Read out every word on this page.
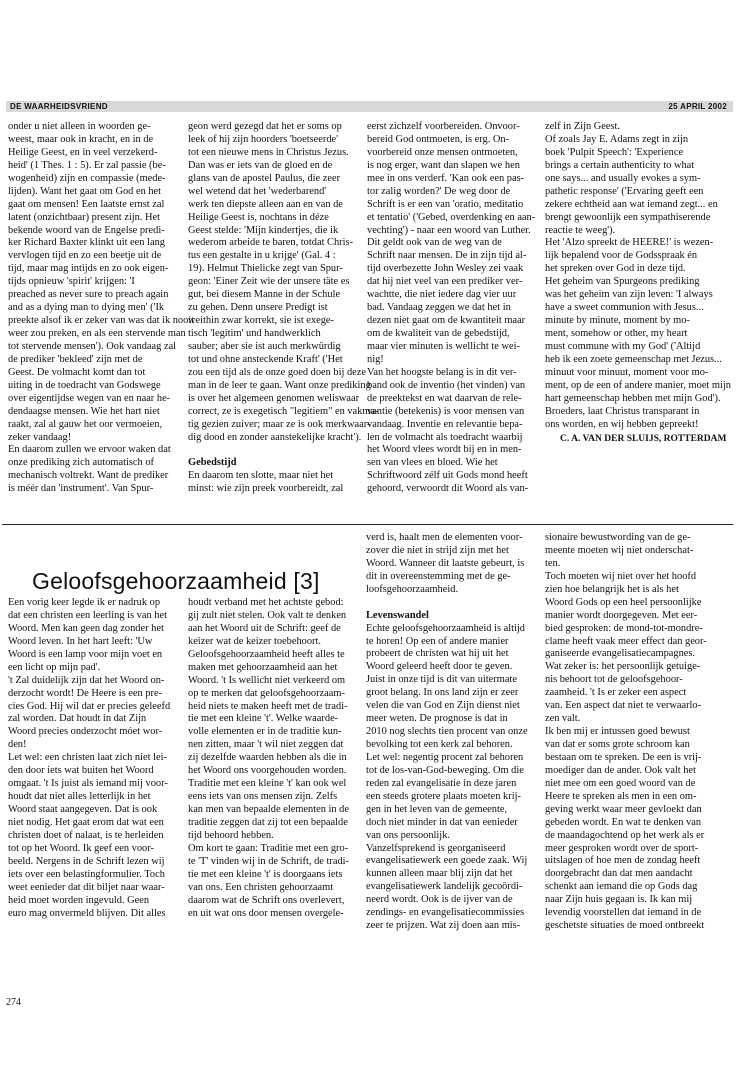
DE WAARHEIDSVRIEND	25 APRIL 2002
onder u niet alleen in woorden ge-
weest, maar ook in kracht, en in de
Heilige Geest, en in veel verzekerd-
heid' (1 Thes. 1 : 5). Er zal passie (be-
wogenheid) zijn en compassie (mede-
lijden). Want het gaat om God en het
gaat om mensen! Een laatste ernst zal
latent (onzichtbaar) present zijn. Het
bekende woord van de Engelse predi-
ker Richard Baxter klinkt uit een lang
vervlogen tijd en zo een beetje uit de
tijd, maar mag intijds en zo ook eigen-
tijds opnieuw 'spirit' krijgen: 'I
preached as never sure to preach again
and as a dying man to dying men' ('Ik
preekte alsof ik er zeker van was dat ik nooit
weer zou preken, en als een stervende man
tot stervende mensen'). Ook vandaag zal
de prediker 'bekleed' zijn met de
Geest. De volmacht komt dan tot
uiting in de toedracht van Godswege
over eigentijdse wegen van en naar he-
dendaagse mensen. Wie het hart niet
raakt, zal al gauw het oor vermoeien,
zeker vandaag!
En daarom zullen we ervoor waken dat
onze prediking zich automatisch of
mechanisch voltrekt. Want de prediker
is méér dan 'instrument'. Van Spur-
geon werd gezegd dat het er soms op
leek of hij zijn hoorders 'boetseerde'
tot een nieuwe mens in Christus Jezus.
Dan was er iets van de gloed en de
glans van de apostel Paulus, die zeer
wel wetend dat het 'wederbarend'
werk ten diepste alleen aan en van de
Heilige Geest is, nochtans in déze
Geest stelde: 'Mijn kindertjes, die ik
wederom arbeide te baren, totdat Chris-
tus een gestalte in u krijge' (Gal. 4 :
19). Helmut Thielicke zegt van Spur-
geon: 'Einer Zeit wie der unsere täte es
gut, bei diesem Manne in der Schule
zu gehen. Denn unsere Predigt ist
weithin zwar korrekt, sie ist exege-
tisch 'legitim' und handwerklich
sauber; aber sie ist auch merkwürdig
tot und ohne ansteckende Kraft' ('Het
zou een tijd als de onze goed doen bij deze
man in de leer te gaan. Want onze prediking
is over het algemeen genomen weliswaar
correct, ze is exegetisch "legitiem" en vakma-
tig gezien zuiver; maar ze is ook merkwaar-
dig dood en zonder aanstekelijke kracht').
Gebedstijd
En daarom ten slotte, maar niet het
minst: wie zijn preek voorbereidt, zal
eerst zichzelf voorbereiden. Onvoor-
bereid God ontmoeten, is erg. On-
voorbereid onze mensen ontmoeten,
is nog erger, want dan slapen we hen
mee in ons verderf. 'Kan ook een pas-
tor zalig worden?' De weg door de
Schrift is er een van 'oratio, meditatio
et tentatio' ('Gebed, overdenking en aan-
vechting') - naar een woord van Luther.
Dit geldt ook van de weg van de
Schrift naar mensen. De in zijn tijd al-
tijd overbezette John Wesley zei vaak
dat hij niet veel van een prediker ver-
wachtte, die niet iedere dag vier uur
bad. Vandaag zeggen we dat het in
dezen niet gaat om de kwantiteit maar
om de kwaliteit van de gebedstijd,
maar vier minuten is wellicht te wei-
nig!
Van het hoogste belang is in dit ver-
band ook de inventio (het vinden) van
de preektekst en wat daarvan de rele-
vantie (betekenis) is voor mensen van
vandaag. Inventie en relevantie bepa-
len de volmacht als toedracht waarbij
het Woord vlees wordt bij en in men-
sen van vlees en bloed. Wie het
Schriftwoord zélf uit Gods mond heeft
gehoord, verwoordt dit Woord als van-
zelf in Zijn Geest.
Of zoals Jay E. Adams zegt in zijn
boek 'Pulpit Speech': 'Experience
brings a certain authenticity to what
one says... and usually evokes a sym-
pathetic response' ('Ervaring geeft een
zekere echtheid aan wat iemand zegt... en
brengt gewoonlijk een sympathiserende
reactie te weeg').
Het 'Alzo spreekt de HEERE!' is wezen-
lijk bepalend voor de Godsspraak én
het spreken over God in deze tijd.
Het geheim van Spurgeons prediking
was het geheim van zijn leven: 'I always
have a sweet communion with Jesus...
minute by minute, moment by mo-
ment, somehow or other, my heart
must commune with my God' ('Altijd
heb ik een zoete gemeenschap met Jezus...
minuut voor minuut, moment voor mo-
ment, op de een of andere manier, moet mijn
hart gemeenschap hebben met mijn God').
Broeders, laat Christus transparant in
ons worden, en wij hebben gepreekt!
C. A. VAN DER SLUIJS, ROTTERDAM
Geloofsgehoorzaamheid [3]
Een vorig keer legde ik er nadruk op
dat een christen een leerling is van het
Woord. Men kan geen dag zonder het
Woord leven. In het hart leeft: 'Uw
Woord is een lamp voor mijn voet en
een licht op mijn pad'.
't Zal duidelijk zijn dat het Woord on-
derzocht wordt! De Heere is een pre-
cies God. Hij wil dat er precies geleefd
zal worden. Dat houdt in dat Zijn
Woord precies onderzocht móet wor-
den!
Let wel: een christen laat zich niet lei-
den door iets wat buiten het Woord
omgaat. 't Is juist als iemand mij voor-
houdt dat niet alles letterlijk in het
Woord staat aangegeven. Dat is ook
niet nodig. Het gaat erom dat wat een
christen doet of nalaat, is te herleiden
tot op het Woord. Ik geef een voor-
beeld. Nergens in de Schrift lezen wij
iets over een belastingformulier. Toch
weet eenieder dat dit biljet naar waar-
heid moet worden ingevuld. Geen
euro mag onvermeld blijven. Dit alles
houdt verband met het achtste gebod:
gij zult niet stelen. Ook valt te denken
aan het Woord uit de Schrift: geef de
keizer wat de keizer toebehoort.
Geloofsgehoorzaamheid heeft alles te
maken met gehoorzaamheid aan het
Woord. 't Is wellicht niet verkeerd om
op te merken dat geloofsgehoorzaam-
heid niets te maken heeft met de tradi-
tie met een kleine 't'. Welke waarde-
volle elementen er in de traditie kun-
nen zitten, maar 't wil niet zeggen dat
zij dezelfde waarden hebben als die in
het Woord ons voorgehouden worden.
Traditie met een kleine 't' kan ook wel
eens iets van ons mensen zijn. Zelfs
kan men van bepaalde elementen in de
traditie zeggen dat zij tot een bepaalde
tijd behoord hebben.
Om kort te gaan: Traditie met een gro-
te 'T' vinden wij in de Schrift, de tradi-
tie met een kleine 't' is doorgaans iets
van ons. Een christen gehoorzaamt
daarom wat de Schrift ons overlevert,
en uit wat ons door mensen overgele-
verd is, haalt men de elementen voor-
zover die niet in strijd zijn met het
Woord. Wanneer dit laatste gebeurt, is
dit in overeenstemming met de ge-
loofsgehoorzaamheid.
Levenswandel
Echte geloofsgehoorzaamheid is altijd
te horen! Op een of andere manier
probeert de christen wat hij uit het
Woord geleerd heeft door te geven.
Juist in onze tijd is dit van uitermate
groot belang. In ons land zijn er zeer
velen die van God en Zijn dienst niet
meer weten. De prognose is dat in
2010 nog slechts tien procent van onze
bevolking tot een kerk zal behoren.
Let wel: negentig procent zal behoren
tot de los-van-God-beweging. Om die
reden zal evangelisatie in deze jaren
een steeds grotere plaats moeten krij-
gen in het leven van de gemeente,
doch niet minder in dat van eenieder
van ons persoonlijk.
Vanzelfsprekend is georganiseerd
evangelisatiewerk een goede zaak. Wij
kunnen alleen maar blij zijn dat het
evangelisatiewerk landelijk gecoördi-
neerd wordt. Ook is de ijver van de
zendings- en evangelisatiecommissies
zeer te prijzen. Wat zij doen aan mis-
sionaire bewustwording van de ge-
meente moeten wij niet onderschat-
ten.
Toch moeten wij niet over het hoofd
zien hoe belangrijk het is als het
Woord Gods op een heel persoonlijke
manier wordt doorgegeven. Met eer-
bied gesproken: de mond-tot-mondre-
clame heeft vaak meer effect dan geor-
ganiseerde evangelisatiecampagnes.
Wat zeker is: het persoonlijk getuige-
nis behoort tot de geloofsgehoor-
zaamheid. 't Is er zeker een aspect
van. Een aspect dat niet te verwaarlo-
zen valt.
Ik ben mij er intussen goed bewust
van dat er soms grote schroom kan
bestaan om te spreken. De een is vrij-
moediger dan de ander. Ook valt het
niet mee om een goed woord van de
Heere te spreken als men in een om-
geving werkt waar meer gevloekt dan
gebeden wordt. En wat te denken van
de maandagochtend op het werk als er
meer gesproken wordt over de sport-
uitslagen of hoe men de zondag heeft
doorgebracht dan dat men aandacht
schenkt aan iemand die op Gods dag
naar Zijn huis gegaan is. Ik kan mij
levendig voorstellen dat iemand in de
geschetste situaties de moed ontbreekt
274
